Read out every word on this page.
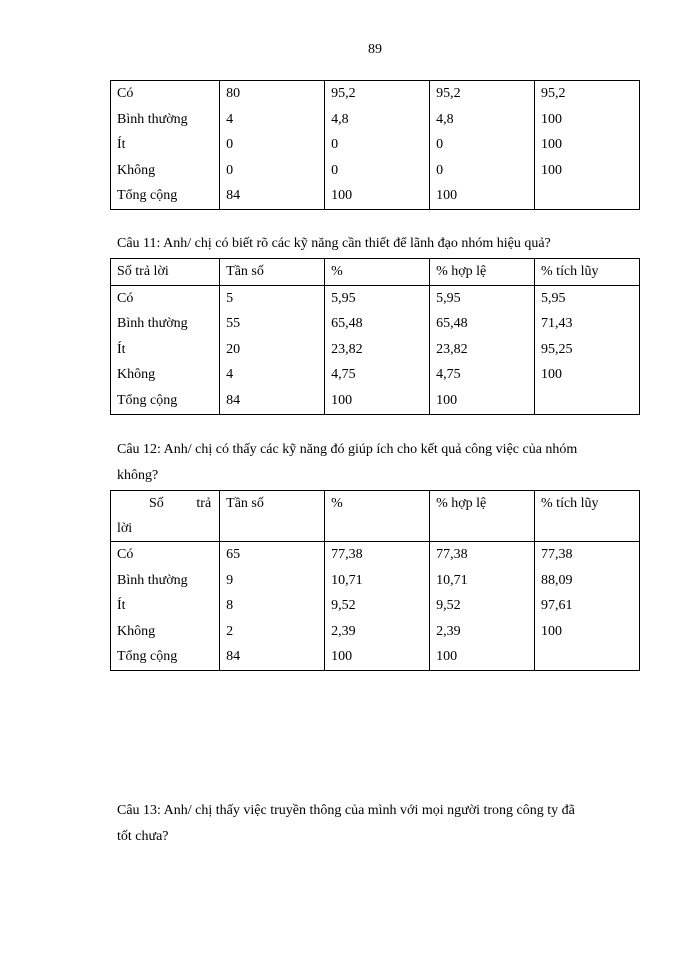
89
Có	80	95,2	95,2	95,2
Bình thường	4	4,8	4,8	100
Ít	0	0	0	100
Không	0	0	0	100
Tổng cộng	84	100	100	
Câu 11: Anh/ chị có biết rõ các kỹ năng cần thiết để lãnh đạo nhóm hiệu quả?
Số trả lời	Tần số	%	% hợp lệ	% tích lũy
Có	5	5,95	5,95	5,95
Bình thường	55	65,48	65,48	71,43
Ít	20	23,82	23,82	95,25
Không	4	4,75	4,75	100
Tổng cộng	84	100	100	
Câu 12: Anh/ chị có thấy các kỹ năng đó giúp ích cho kết quả công việc của nhóm
không?
Số trả
lời	Tần số	%	% hợp lệ	% tích lũy
Có	65	77,38	77,38	77,38
Bình thường	9	10,71	10,71	88,09
Ít	8	9,52	9,52	97,61
Không	2	2,39	2,39	100
Tổng cộng	84	100	100	
Câu 13: Anh/ chị thấy việc truyền thông của mình với mọi người trong công ty đã
tốt chưa?
